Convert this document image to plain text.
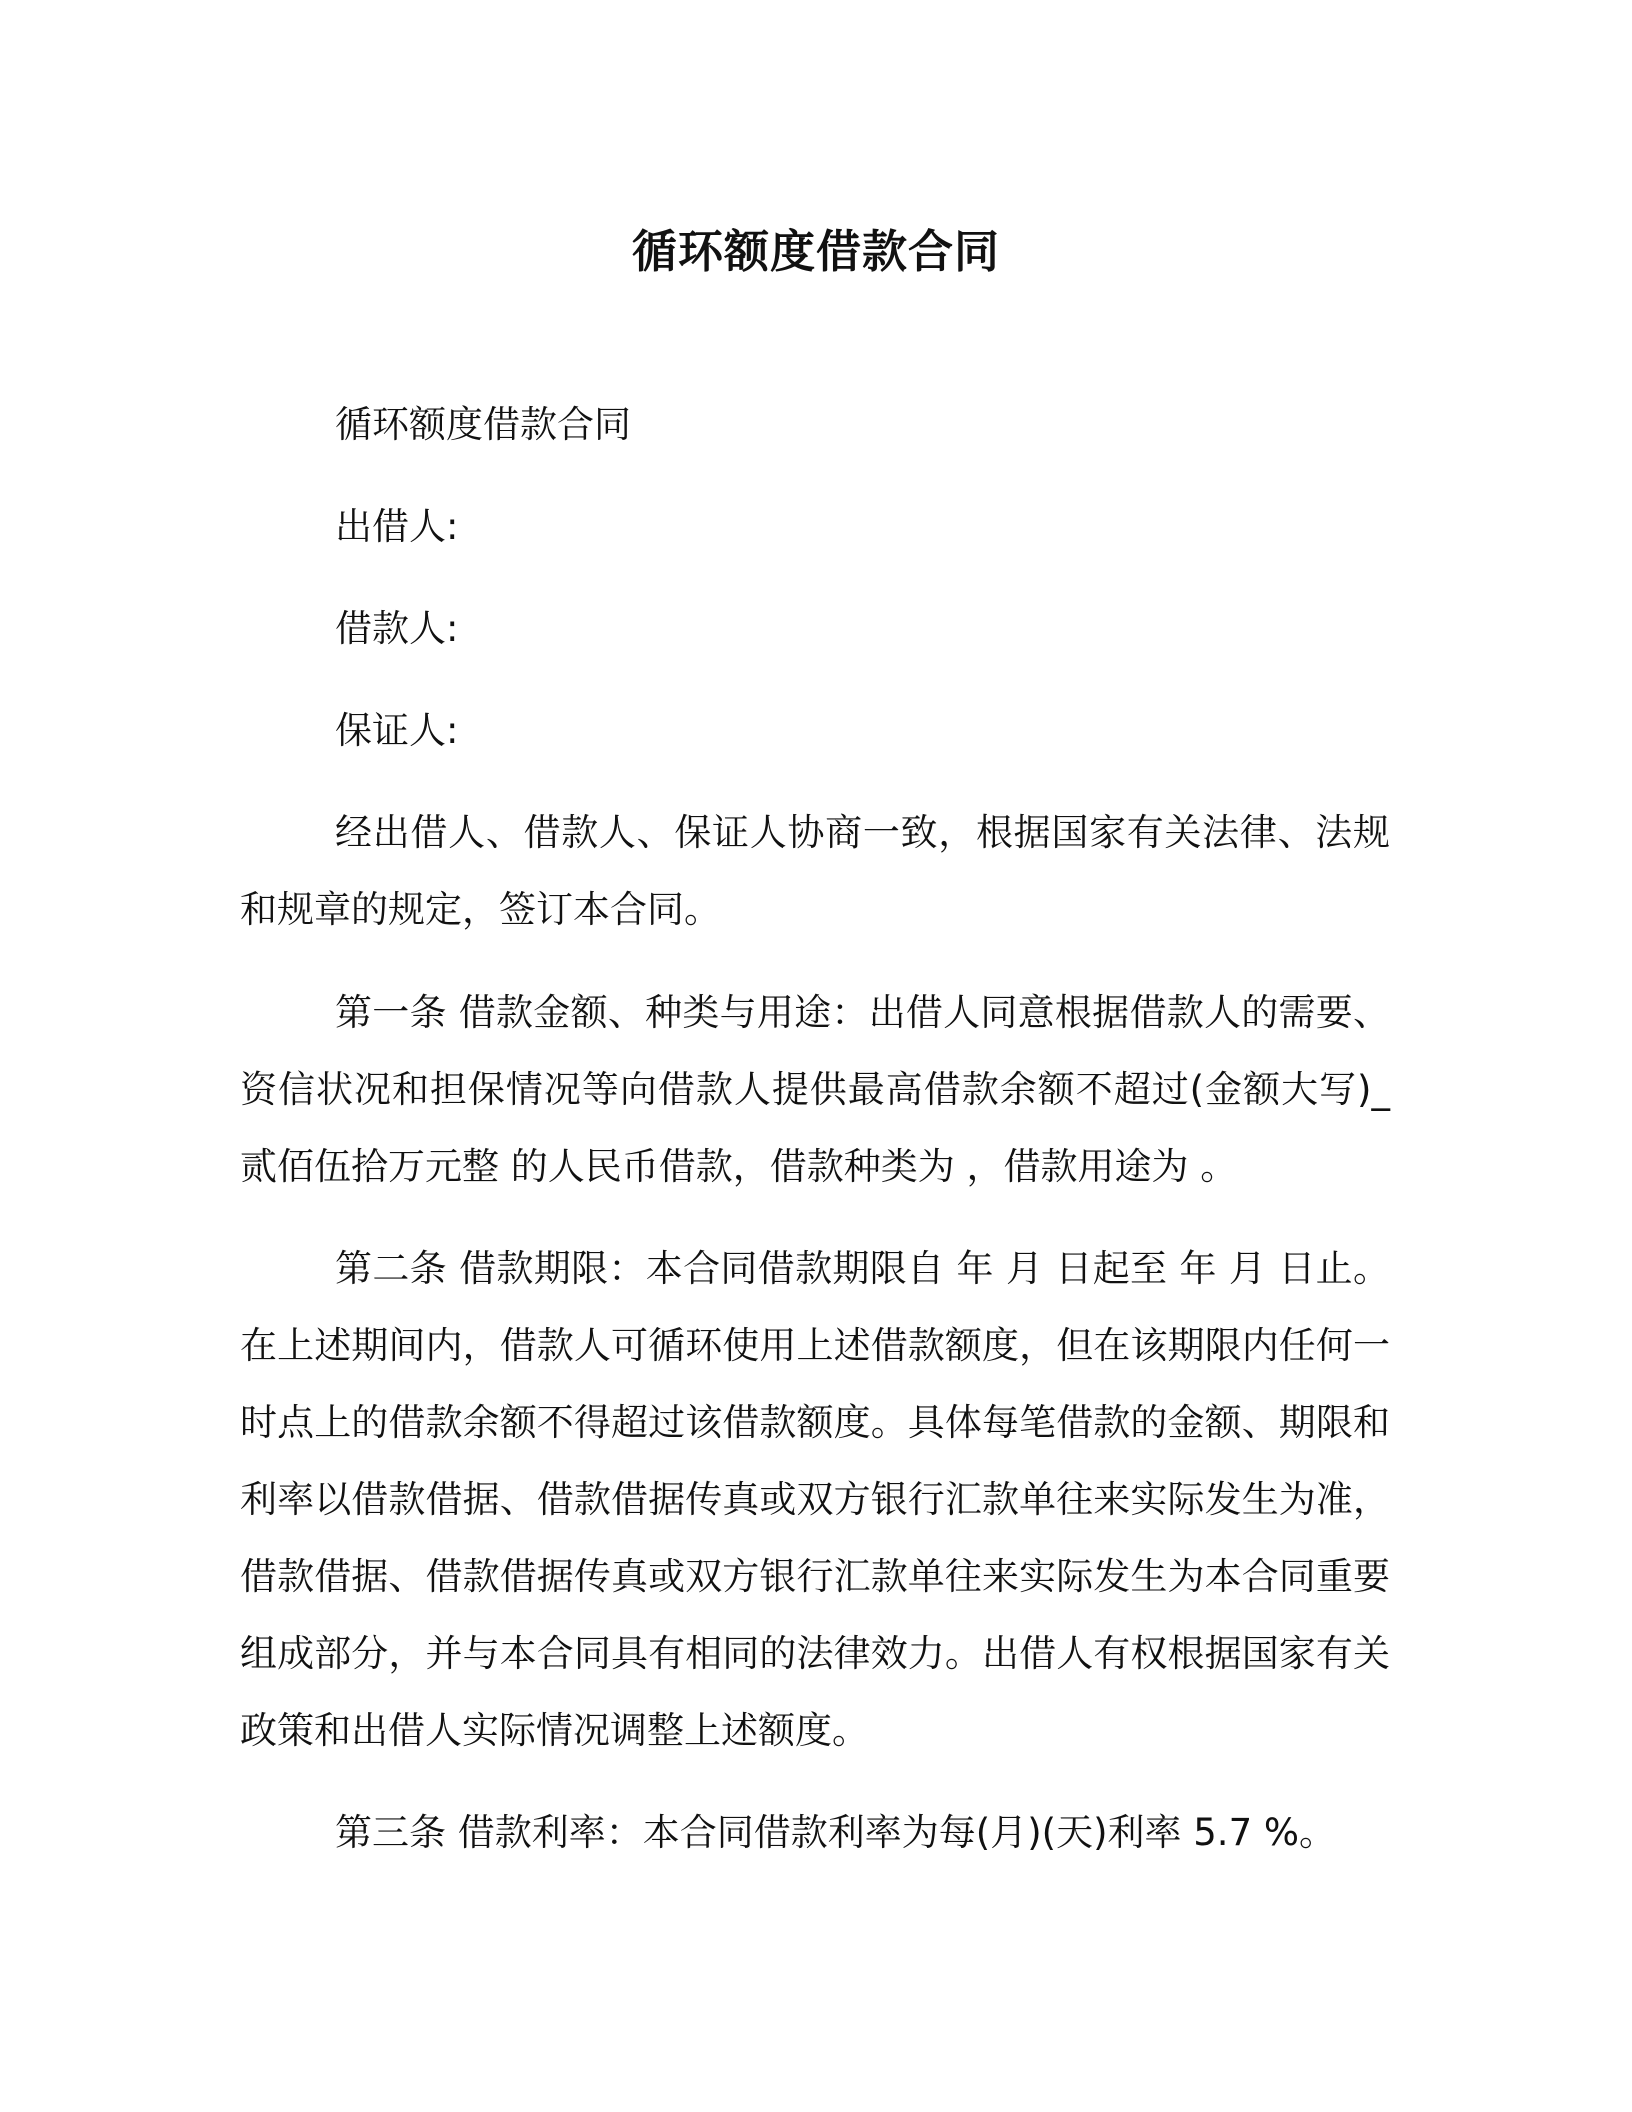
循环额度借款合同
循环额度借款合同
出借人:
借款人:
保证人:
经出借人、借款人、保证人协商一致，根据国家有关法律、法规和规章的规定，签订本合同。
第一条 借款金额、种类与用途：出借人同意根据借款人的需要、资信状况和担保情况等向借款人提供最高借款余额不超过(金额大写)_贰佰伍拾万元整 的人民币借款，借款种类为 ，借款用途为 。
第二条 借款期限：本合同借款期限自 年 月 日起至 年 月 日止。在上述期间内，借款人可循环使用上述借款额度，但在该期限内任何一时点上的借款余额不得超过该借款额度。具体每笔借款的金额、期限和利率以借款借据、借款借据传真或双方银行汇款单往来实际发生为准，借款借据、借款借据传真或双方银行汇款单往来实际发生为本合同重要组成部分，并与本合同具有相同的法律效力。出借人有权根据国家有关政策和出借人实际情况调整上述额度。
第三条 借款利率：本合同借款利率为每(月)(天)利率 5.7 %。
